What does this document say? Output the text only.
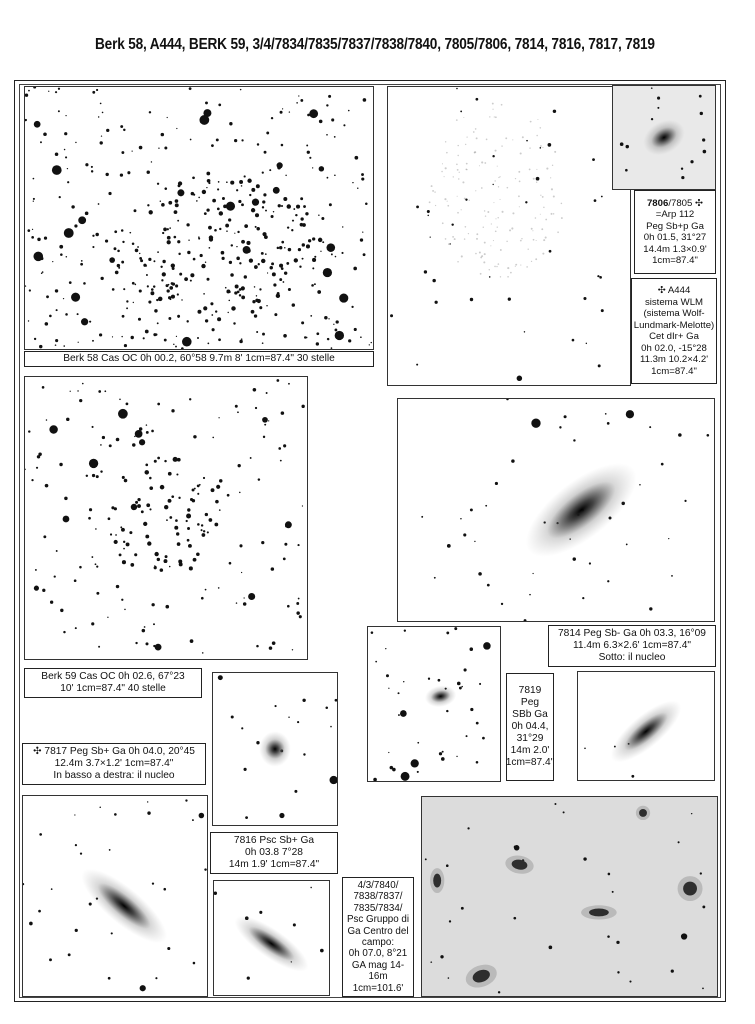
Berk 58, A444, BERK 59, 3/4/7834/7835/7837/7838/7840, 7805/7806, 7814, 7816, 7817, 7819
Berk 58 Cas OC 0h 00.2, 60°58 9.7m 8' 1cm=87.4" 30 stelle
7806/7805 ✣
=Arp 112
Peg Sb+p Ga
0h 01.5, 31°27
14.4m 1.3×0.9'
1cm=87.4"
✣ A444
sistema WLM
(sistema Wolf-
Lundmark-Melotte)
Cet dIr+ Ga
0h 02.0, -15°28
11.3m 10.2×4.2'
1cm=87.4"
Berk 59 Cas OC 0h 02.6, 67°23
10' 1cm=87.4" 40 stelle
7814 Peg Sb- Ga 0h 03.3, 16°09
11.4m 6.3×2.6' 1cm=87.4"
Sotto: il nucleo
7819
Peg
SBb Ga
0h 04.4,
31°29
14m 2.0'
1cm=87.4"
✣ 7817 Peg Sb+ Ga 0h 04.0, 20°45
12.4m 3.7×1.2' 1cm=87.4"
In basso a destra: il nucleo
7816 Psc Sb+ Ga
0h 03.8 7°28
14m 1.9' 1cm=87.4"
4/3/7840/
7838/7837/
7835/7834/
Psc Gruppo di
Ga Centro del
campo:
0h 07.0, 8°21
GA mag 14-
16m
1cm=101.6'
